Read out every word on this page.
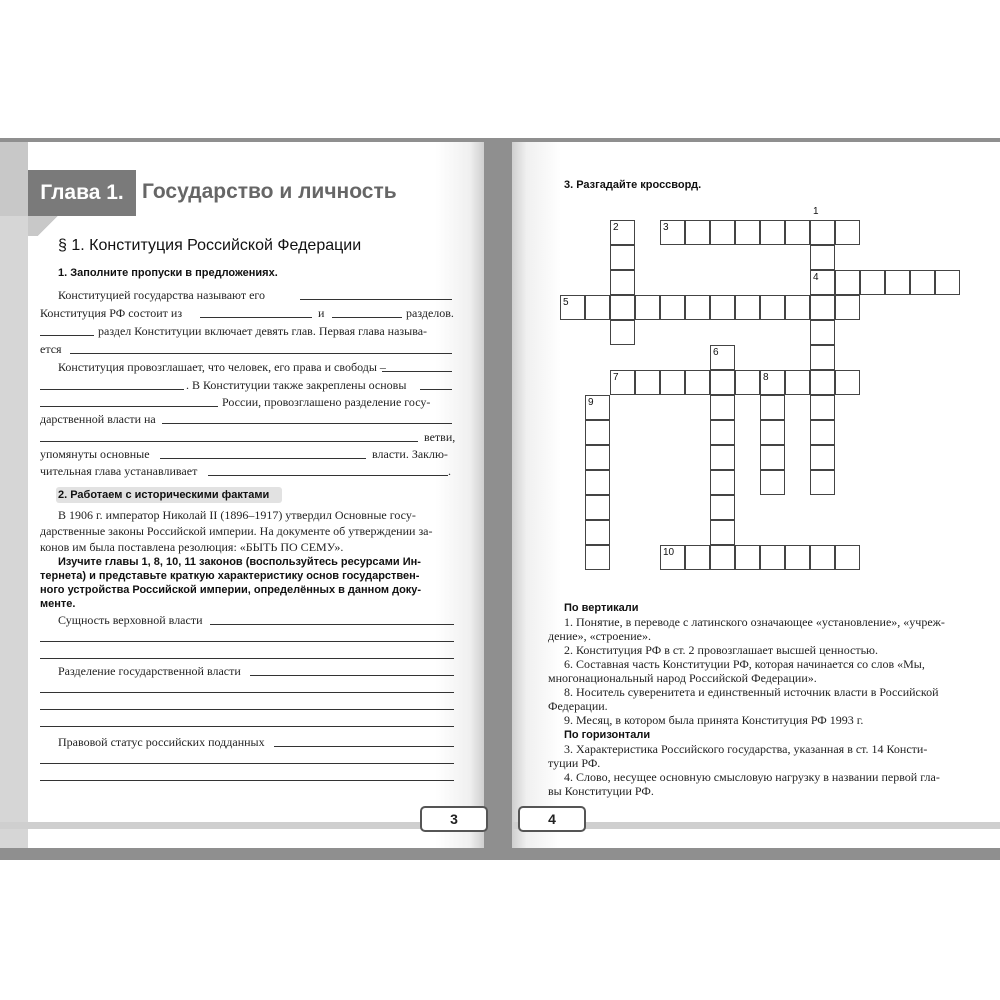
Глава 1. Государство и личность
§ 1. Конституция Российской Федерации
1. Заполните пропуски в предложениях.
Конституцией государства называют его
Конституция РФ состоит из	и	разделов.
раздел Конституции включает девять глав. Первая глава называ-
ется
Конституция провозглашает, что человек, его права и свободы –
. В Конституции также закреплены основы
России, провозглашено разделение госу-
дарственной власти на
ветви,
упомянуты основные	власти. Заклю-
чительная глава устанавливает	.
2. Работаем с историческими фактами
В 1906 г. император Николай II (1896–1917) утвердил Основные госу-
дарственные законы Российской империи. На документе об утверждении за-
конов им была поставлена резолюция: «БЫТЬ ПО СЕМУ».
Изучите главы 1, 8, 10, 11 законов (воспользуйтесь ресурсами Ин-
тернета) и представьте краткую характеристику основ государствен-
ного устройства Российской империи, определённых в данном доку-
менте.
Сущность верховной власти
Разделение государственной власти
Правовой статус российских подданных
3
3. Разгадайте кроссворд.
1
2	3
4
5
6
7	8
9
10
По вертикали
1. Понятие, в переводе с латинского означающее «установление», «учреж-
дение», «строение».
2. Конституция РФ в ст. 2 провозглашает высшей ценностью.
6. Составная часть Конституции РФ, которая начинается со слов «Мы,
многонациональный народ Российской Федерации».
8. Носитель суверенитета и единственный источник власти в Российской
Федерации.
9. Месяц, в котором была принята Конституция РФ 1993 г.
По горизонтали
3. Характеристика Российского государства, указанная в ст. 14 Консти-
туции РФ.
4. Слово, несущее основную смысловую нагрузку в названии первой гла-
вы Конституции РФ.
4
